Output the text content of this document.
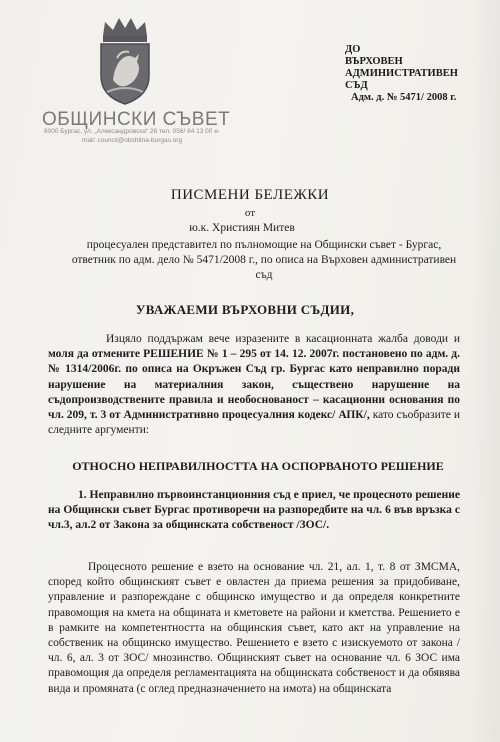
ОБЩИНСКИ СЪВЕТ
8000 Бургас, ул. „Александровска“ 26 тел. 056/ 84 13 00 e-mail: council@obshtina-burgas.org
ДО
ВЪРХОВЕН
АДМИНИСТРАТИВЕН
СЪД
Адм. д. № 5471/ 2008 г.
ПИСМЕНИ БЕЛЕЖКИ
от
ю.к. Християн Митев
процесуален представител по пълномощие на Общински съвет - Бургас, ответник по адм. дело № 5471/2008 г., по описа на Върховен административен съд
УВАЖАЕМИ ВЪРХОВНИ СЪДИИ,
Изцяло поддържам вече изразените в касационната жалба доводи и моля да отмените РЕШЕНИЕ № 1 – 295 от 14. 12. 2007г. постановено по адм. д. № 1314/2006г. по описа на Окръжен Съд гр. Бургас като неправилно поради нарушение на материалния закон, съществено нарушение на съдопроизводствените правила и необоснованост – касационни основания по чл. 209, т. 3 от Административно процесуалния кодекс/ АПК/, като съобразите и следните аргументи:
ОТНОСНО НЕПРАВИЛНОСТТА НА ОСПОРВАНОТО РЕШЕНИЕ
1. Неправилно първоинстанционния съд е приел, че процесното решение на Общински съвет Бургас противоречи на разпоредбите на чл. 6 във връзка с чл.3, ал.2 от Закона за общинската собственост /ЗОС/.
Процесното решение е взето на основание чл. 21, ал. 1, т. 8 от ЗМСМА, според който общинският съвет е овластен да приема решения за придобиване, управление и разпореждане с общинско имущество и да определя конкретните правомощия на кмета на общината и кметовете на райони и кметства. Решението е в рамките на компетентността на общинския съвет, като акт на управление на собственик на общинско имущество. Решението е взето с изискуемото от закона /чл. 6, ал. 3 от ЗОС/ мнозинство. Общинският съвет на основание чл. 6 ЗОС има правомощия да определя регламентацията на общинската собственост и да обявява вида и промяната (с оглед предназначението на имота) на общинската
